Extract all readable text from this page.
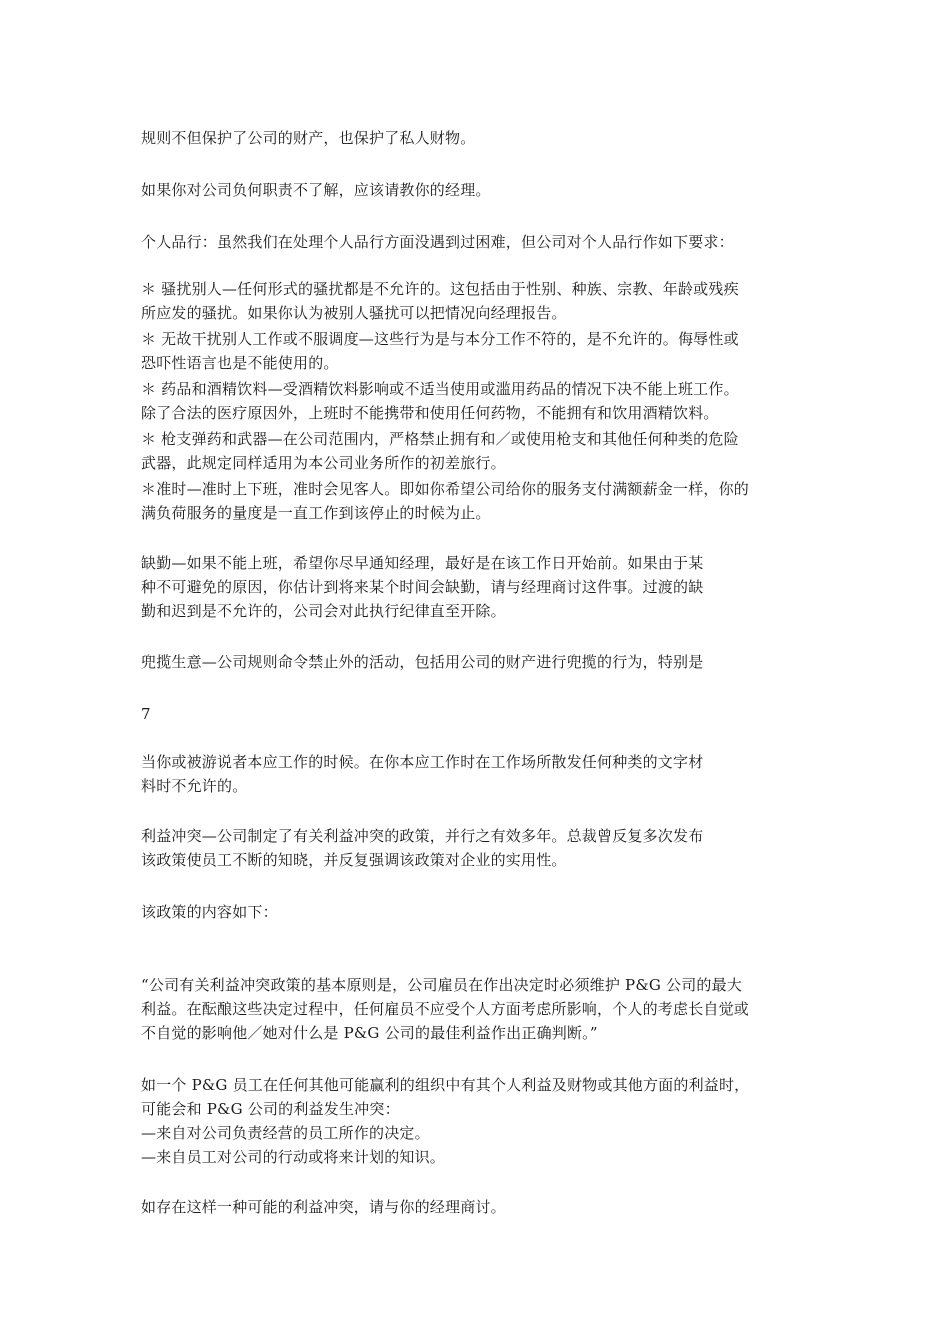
规则不但保护了公司的财产，也保护了私人财物。
如果你对公司负何职责不了解，应该请教你的经理。
个人品行：虽然我们在处理个人品行方面没遇到过困难，但公司对个人品行作如下要求：
＊ 骚扰别人—任何形式的骚扰都是不允许的。这包括由于性别、种族、宗教、年龄或残疾
所应发的骚扰。如果你认为被别人骚扰可以把情况向经理报告。
＊ 无故干扰别人工作或不服调度—这些行为是与本分工作不符的，是不允许的。侮辱性或
恐吓性语言也是不能使用的。
＊ 药品和酒精饮料—受酒精饮料影响或不适当使用或滥用药品的情况下决不能上班工作。
除了合法的医疗原因外，上班时不能携带和使用任何药物，不能拥有和饮用酒精饮料。
＊ 枪支弹药和武器—在公司范围内，严格禁止拥有和／或使用枪支和其他任何种类的危险
武器，此规定同样适用为本公司业务所作的初差旅行。
＊准时—准时上下班，准时会见客人。即如你希望公司给你的服务支付满额薪金一样，你的
满负荷服务的量度是一直工作到该停止的时候为止。
缺勤—如果不能上班，希望你尽早通知经理，最好是在该工作日开始前。如果由于某
种不可避免的原因，你估计到将来某个时间会缺勤，请与经理商讨这件事。过渡的缺
勤和迟到是不允许的，公司会对此执行纪律直至开除。
兜揽生意—公司规则命令禁止外的活动，包括用公司的财产进行兜揽的行为，特别是
7
当你或被游说者本应工作的时候。在你本应工作时在工作场所散发任何种类的文字材
料时不允许的。
利益冲突—公司制定了有关利益冲突的政策，并行之有效多年。总裁曾反复多次发布
该政策使员工不断的知晓，并反复强调该政策对企业的实用性。
该政策的内容如下：
“公司有关利益冲突政策的基本原则是，公司雇员在作出决定时必须维护 P&G 公司的最大
利益。在酝酿这些决定过程中，任何雇员不应受个人方面考虑所影响，个人的考虑长自觉或
不自觉的影响他／她对什么是 P&G 公司的最佳利益作出正确判断。”
如一个 P&G 员工在任何其他可能赢利的组织中有其个人利益及财物或其他方面的利益时，
可能会和 P&G 公司的利益发生冲突：
—来自对公司负责经营的员工所作的决定。
—来自员工对公司的行动或将来计划的知识。
如存在这样一种可能的利益冲突，请与你的经理商讨。
